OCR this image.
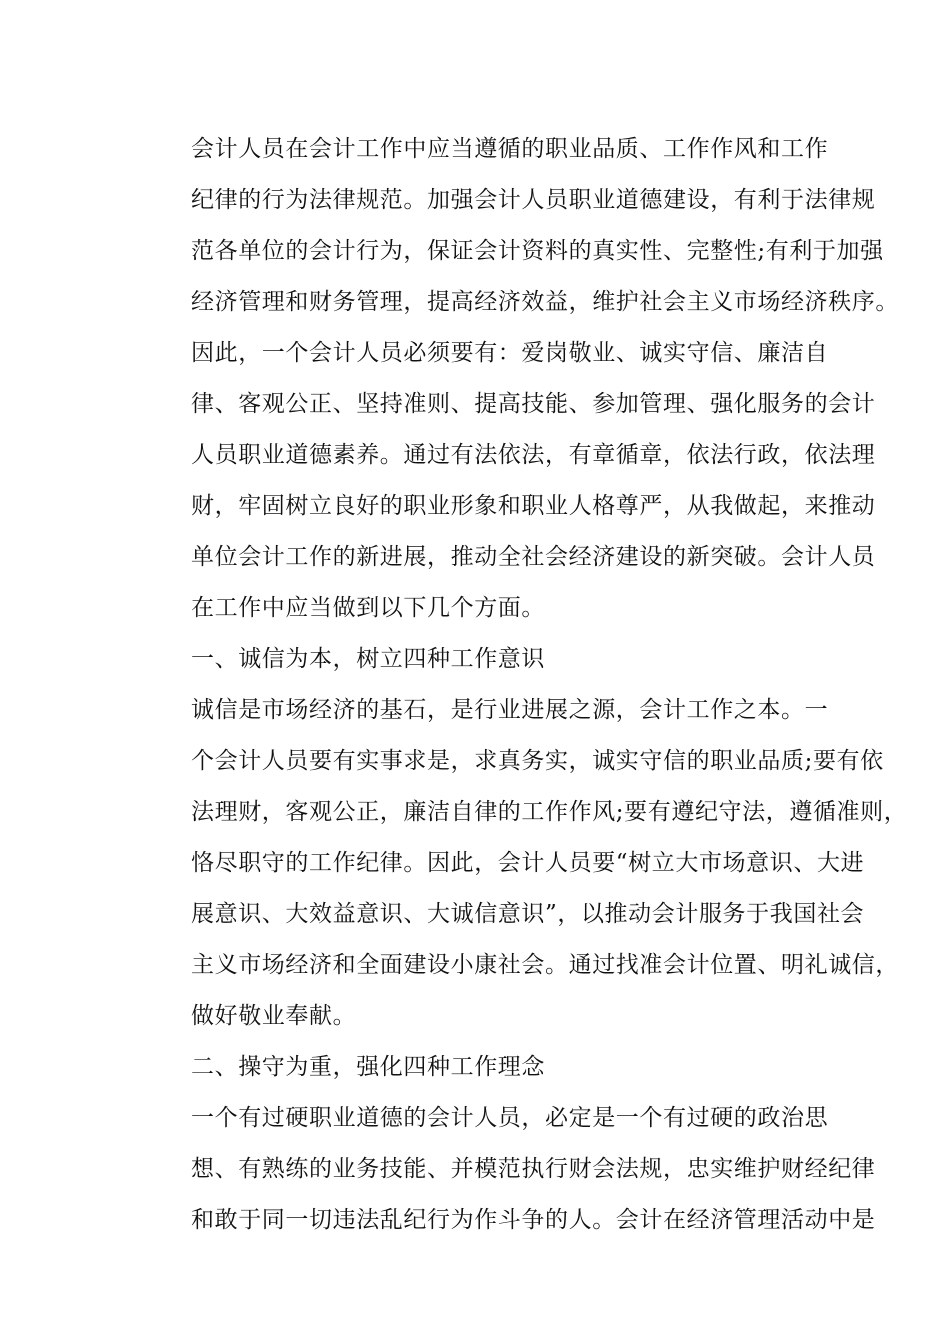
会计人员在会计工作中应当遵循的职业品质、工作作风和工作
纪律的行为法律规范。加强会计人员职业道德建设，有利于法律规
范各单位的会计行为，保证会计资料的真实性、完整性;有利于加强
经济管理和财务管理，提高经济效益，维护社会主义市场经济秩序。

因此，一个会计人员必须要有：爱岗敬业、诚实守信、廉洁自
律、客观公正、坚持准则、提高技能、参加管理、强化服务的会计
人员职业道德素养。通过有法依法，有章循章，依法行政，依法理
财，牢固树立良好的职业形象和职业人格尊严，从我做起，来推动
单位会计工作的新进展，推动全社会经济建设的新突破。会计人员
在工作中应当做到以下几个方面。

一、诚信为本，树立四种工作意识

诚信是市场经济的基石，是行业进展之源，会计工作之本。一
个会计人员要有实事求是，求真务实，诚实守信的职业品质;要有依
法理财，客观公正，廉洁自律的工作作风;要有遵纪守法，遵循准则，
恪尽职守的工作纪律。因此，会计人员要“树立大市场意识、大进
展意识、大效益意识、大诚信意识”，以推动会计服务于我国社会
主义市场经济和全面建设小康社会。通过找准会计位置、明礼诚信，
做好敬业奉献。

二、操守为重，强化四种工作理念

一个有过硬职业道德的会计人员，必定是一个有过硬的政治思
想、有熟练的业务技能、并模范执行财会法规，忠实维护财经纪律
和敢于同一切违法乱纪行为作斗争的人。会计在经济管理活动中是
